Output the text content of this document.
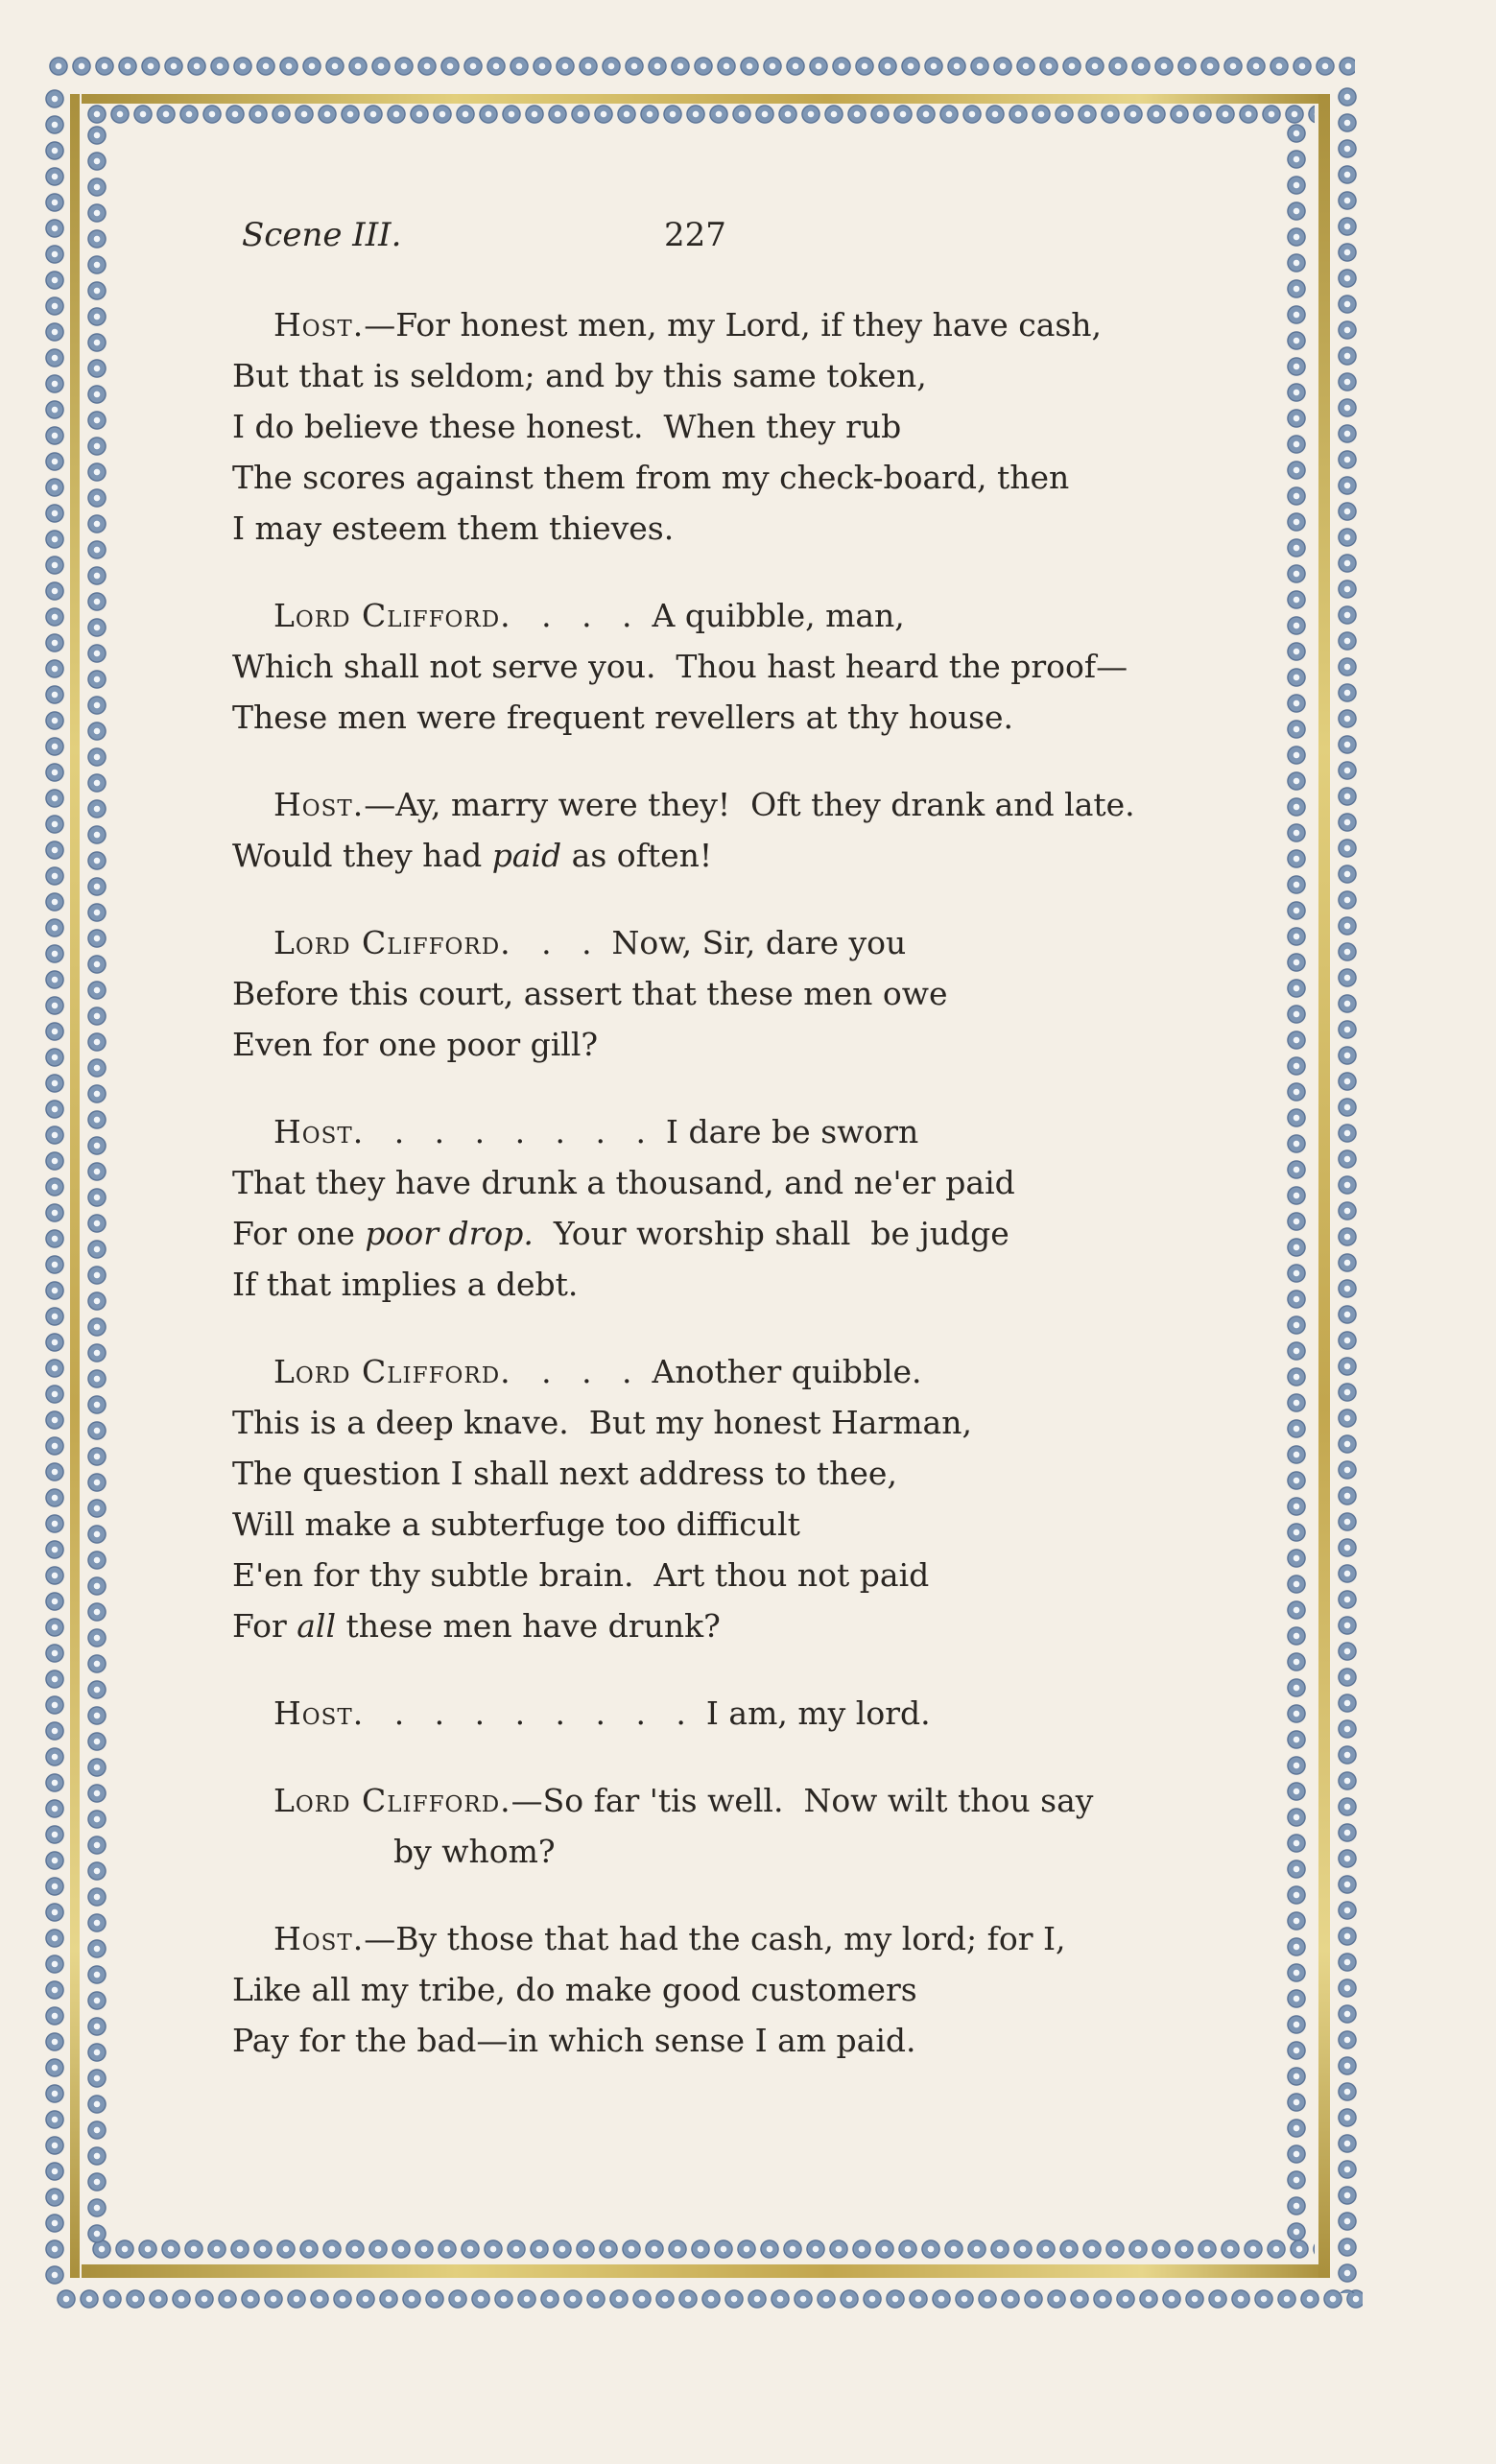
Scene III.	227
Host.—For honest men, my Lord, if they have cash,
But that is seldom; and by this same token,
I do believe these honest.  When they rub
The scores against them from my check-board, then
I may esteem them thieves.
Lord Clifford.   .   .   .  A quibble, man,
Which shall not serve you.  Thou hast heard the proof—
These men were frequent revellers at thy house.
Host.—Ay, marry were they!  Oft they drank and late.
Would they had paid as often!
Lord Clifford.   .   .  Now, Sir, dare you
Before this court, assert that these men owe
Even for one poor gill?
Host.   .   .   .   .   .   .   .  I dare be sworn
That they have drunk a thousand, and ne'er paid
For one poor drop.  Your worship shall  be judge
If that implies a debt.
Lord Clifford.   .   .   .  Another quibble.
This is a deep knave.  But my honest Harman,
The question I shall next address to thee,
Will make a subterfuge too difficult
E'en for thy subtle brain.  Art thou not paid
For all these men have drunk?
Host.   .   .   .   .   .   .   .   .  I am, my lord.
Lord Clifford.—So far 'tis well.  Now wilt thou say
by whom?
Host.—By those that had the cash, my lord; for I,
Like all my tribe, do make good customers
Pay for the bad—in which sense I am paid.
